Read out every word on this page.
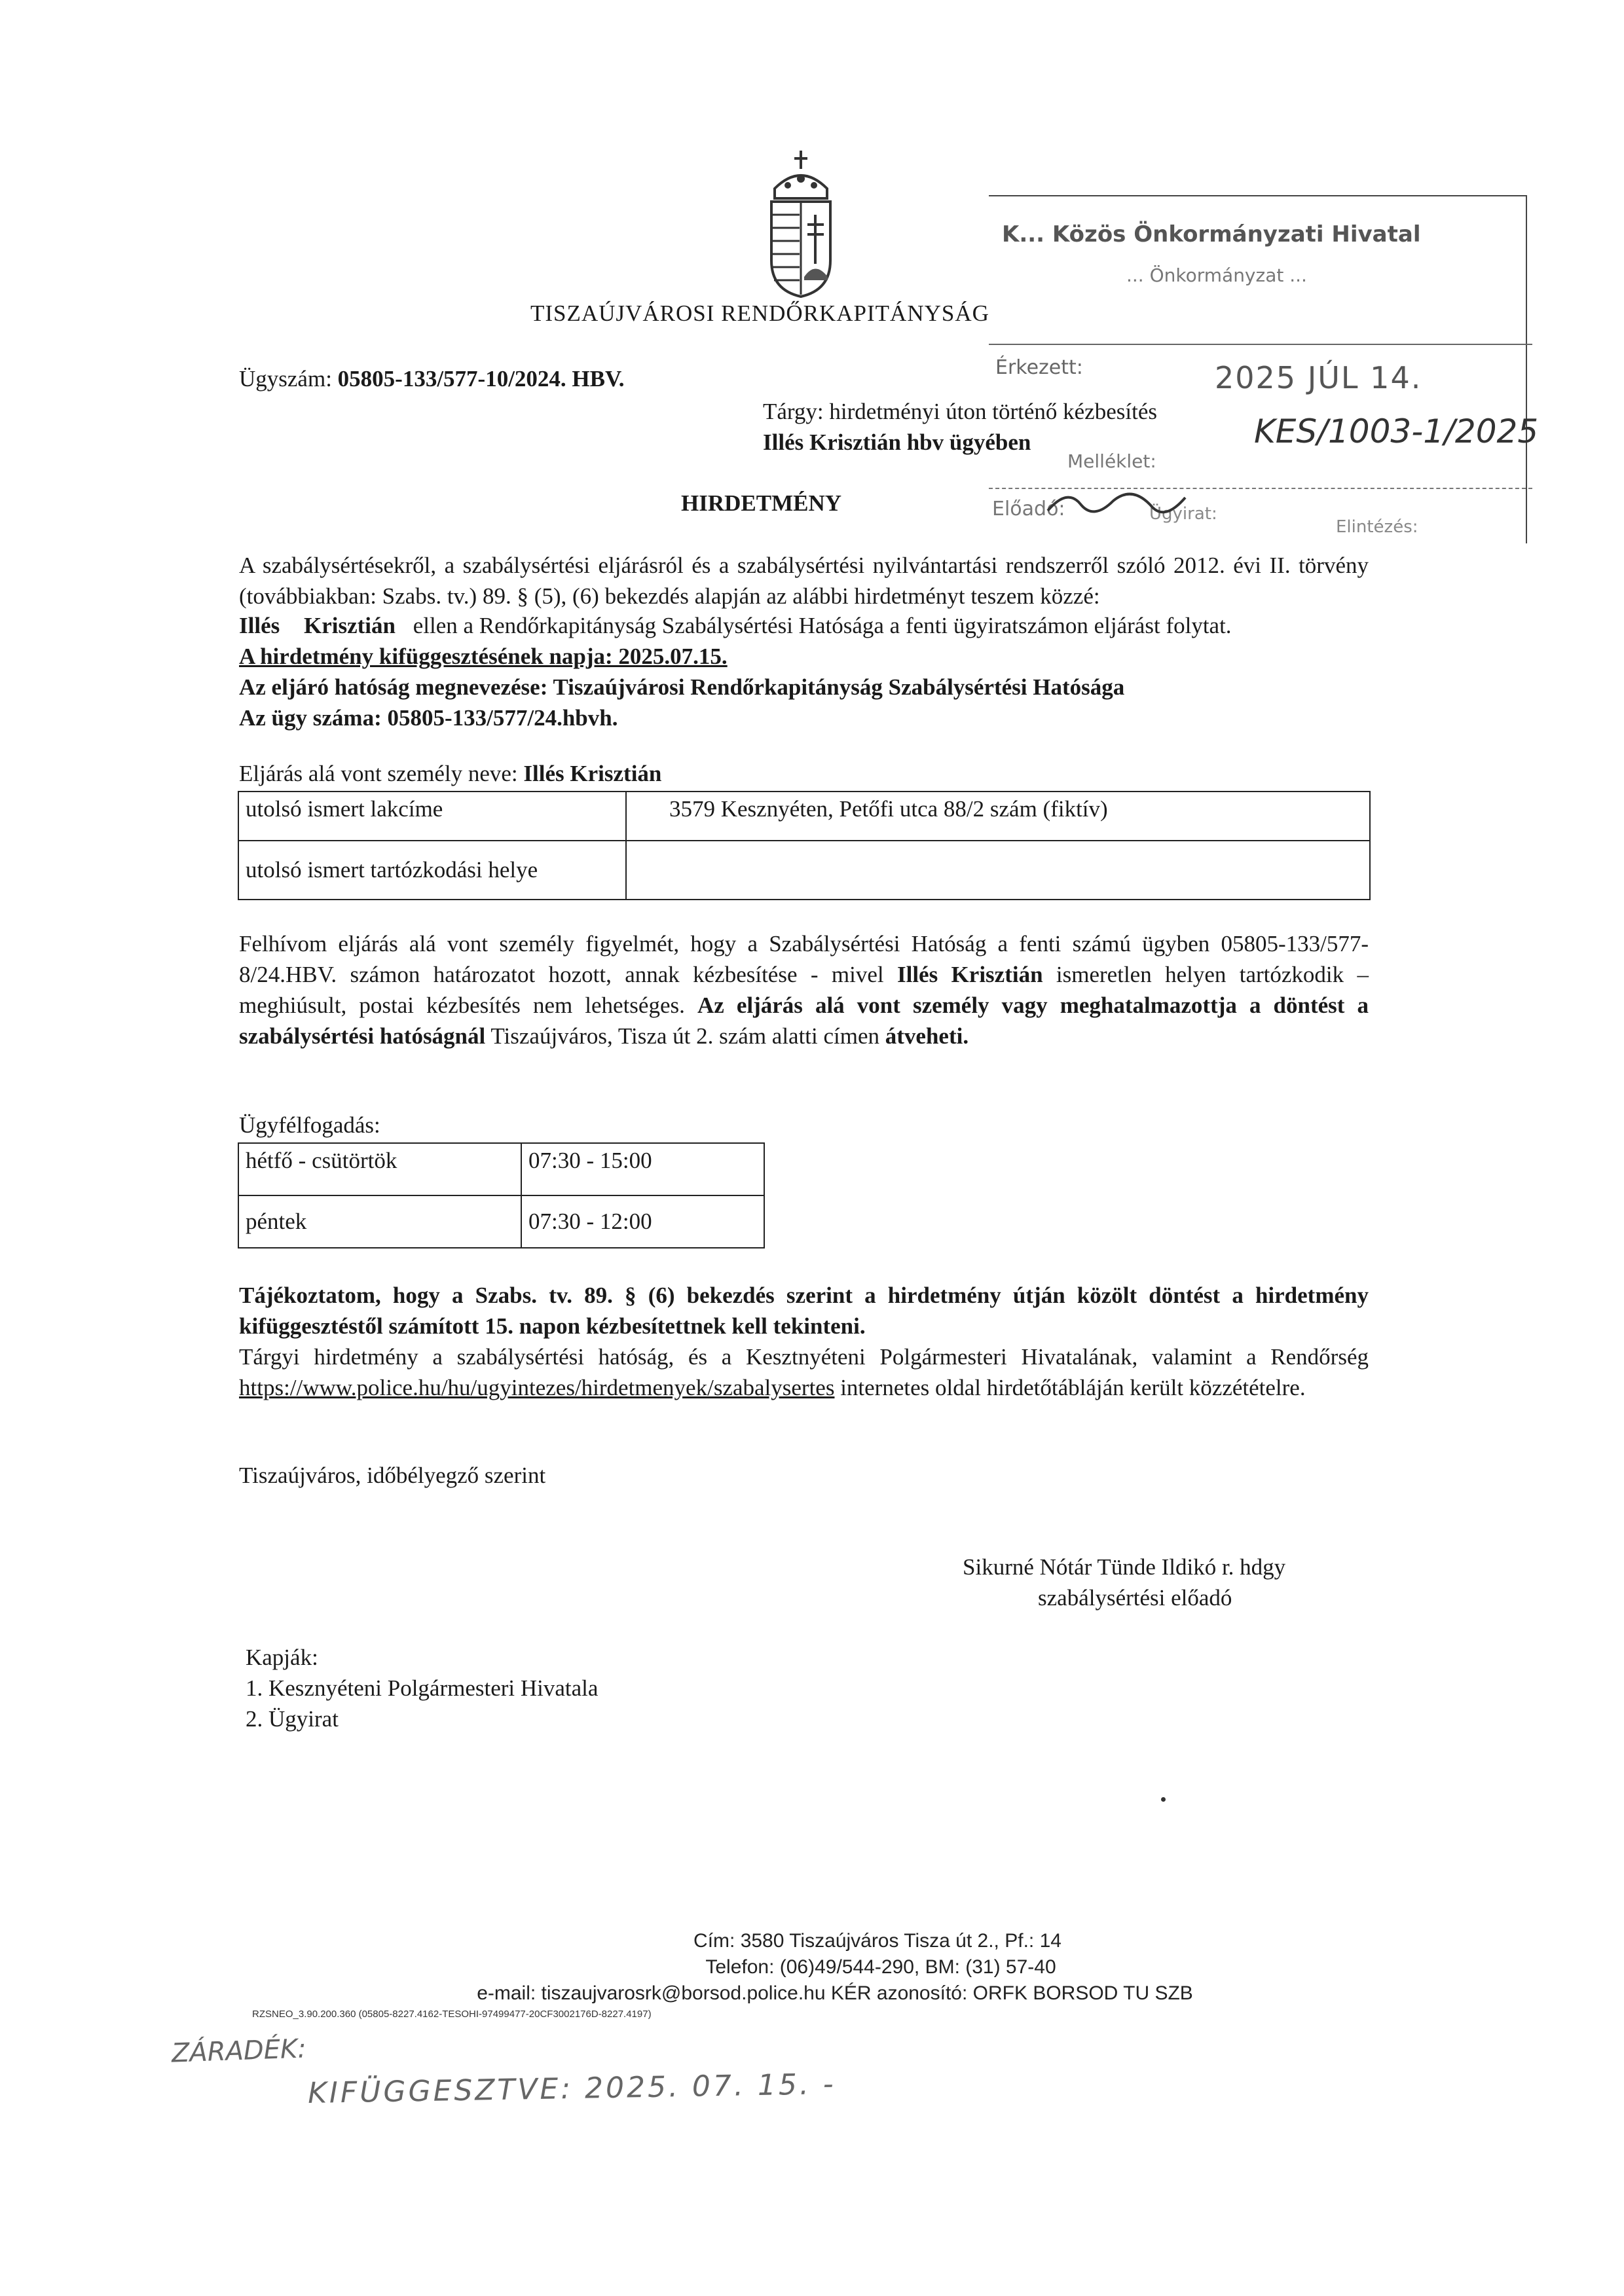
TISZAÚJVÁROSI RENDŐRKAPITÁNYSÁG
Ügyszám: 05805-133/577-10/2024. HBV.
Tárgy: hirdetményi úton történő kézbesítés
Illés Krisztián hbv ügyében
HIRDETMÉNY
K... Közös Önkormányzati Hivatal
... Önkormányzat ...
Érkezett:	2025 JÚL 14.
KES/1003-1/2025
Melléklet:
Előadó:	Ügyirat:
Elintézés:
A szabálysértésekről, a szabálysértési eljárásról és a szabálysértési nyilvántartási rendszerről szóló 2012. évi II. törvény (továbbiakban: Szabs. tv.) 89. § (5), (6) bekezdés alapján az alábbi hirdetményt teszem közzé:
Illés Krisztián ellen a Rendőrkapitányság Szabálysértési Hatósága a fenti ügyiratszámon eljárást folytat.
A hirdetmény kifüggesztésének napja: 2025.07.15.
Az eljáró hatóság megnevezése: Tiszaújvárosi Rendőrkapitányság Szabálysértési Hatósága
Az ügy száma: 05805-133/577/24.hbvh.
Eljárás alá vont személy neve: Illés Krisztián
utolsó ismert lakcíme	3579 Kesznyéten, Petőfi utca 88/2 szám (fiktív)
utolsó ismert tartózkodási helye	
Felhívom eljárás alá vont személy figyelmét, hogy a Szabálysértési Hatóság a fenti számú ügyben 05805-133/577-8/24.HBV. számon határozatot hozott, annak kézbesítése - mivel Illés Krisztián ismeretlen helyen tartózkodik – meghiúsult, postai kézbesítés nem lehetséges. Az eljárás alá vont személy vagy meghatalmazottja a döntést a szabálysértési hatóságnál Tiszaújváros, Tisza út 2. szám alatti címen átveheti.
Ügyfélfogadás:
hétfő - csütörtök	07:30 - 15:00
péntek	07:30 - 12:00
Tájékoztatom, hogy a Szabs. tv. 89. § (6) bekezdés szerint a hirdetmény útján közölt döntést a hirdetmény kifüggesztéstől számított 15. napon kézbesítettnek kell tekinteni.
Tárgyi hirdetmény a szabálysértési hatóság, és a Kesztnyéteni Polgármesteri Hivatalának, valamint a Rendőrség https://www.police.hu/hu/ugyintezes/hirdetmenyek/szabalysertes internetes oldal hirdetőtábláján került közzétételre.
Tiszaújváros, időbélyegző szerint
Sikurné Nótár Tünde Ildikó r. hdgy
szabálysértési előadó
Kapják:
1. Kesznyéteni Polgármesteri Hivatala
2. Ügyirat
Cím: 3580 Tiszaújváros Tisza út 2., Pf.: 14
Telefon: (06)49/544-290, BM: (31) 57-40
e-mail: tiszaujvarosrk@borsod.police.hu KÉR azonosító: ORFK BORSOD TU SZB
RZSNEO_3.90.200.360 (05805-8227.4162-TESOHI-97499477-20CF3002176D-8227.4197)
ZÁRADÉK:
KIFÜGGESZTVE: 2025. 07. 15. -
